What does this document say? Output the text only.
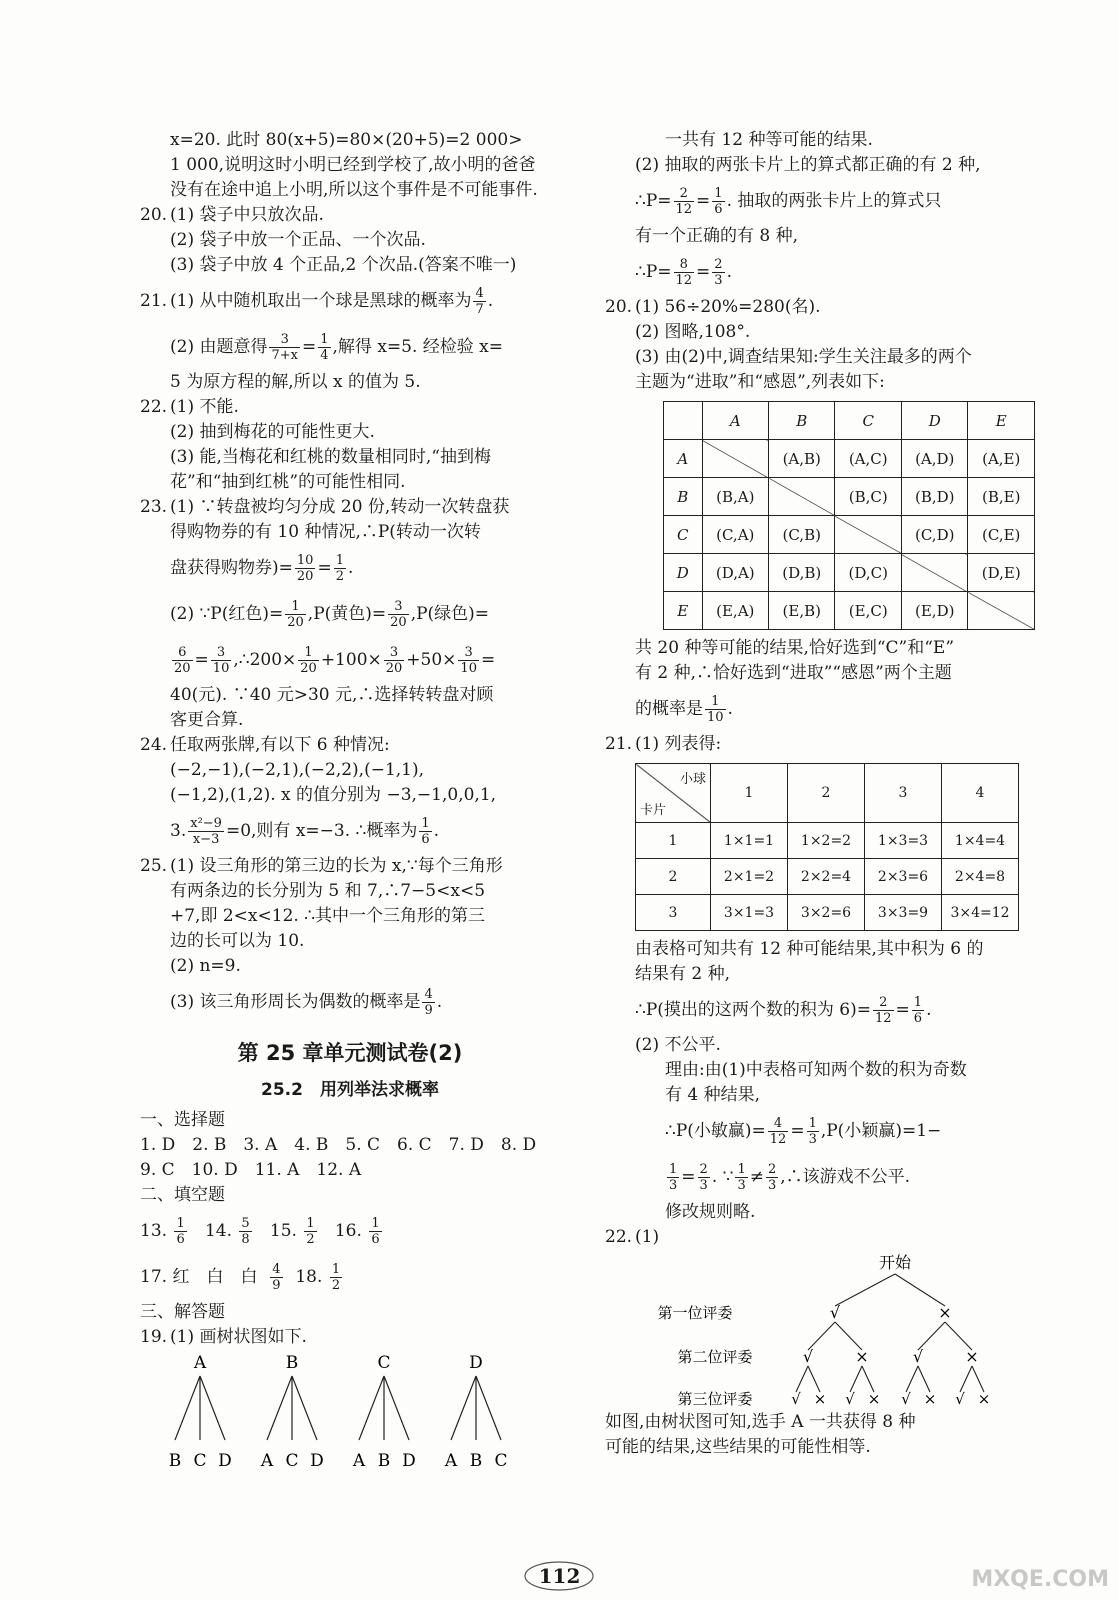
x=20. 此时 80(x+5)=80×(20+5)=2 000>
1 000,说明这时小明已经到学校了,故小明的爸爸
没有在途中追上小明,所以这个事件是不可能事件.
20. (1) 袋子中只放次品.
(2) 袋子中放一个正品、一个次品.
(3) 袋子中放 4 个正品,2 个次品.(答案不唯一)
21. (1) 从中随机取出一个球是黑球的概率为 $\frac{4}{7}$ .
(2) 由题意得 $\frac{3}{7+x} = \frac{1}{4}$ ,解得 x=5. 经检验 x=
5 为原方程的解,所以 x 的值为 5.
22. (1) 不能.
(2) 抽到梅花的可能性更大.
(3) 能,当梅花和红桃的数量相同时,“抽到梅
花”和“抽到红桃”的可能性相同.
23. (1) ∵转盘被均匀分成 20 份,转动一次转盘获
得购物券的有 10 种情况,∴P(转动一次转
盘获得购物券)= $\frac{10}{20} = \frac{1}{2}$ .
(2) ∵P(红色)= $\frac{1}{20} ,P$(黄色)= $\frac{3}{20} ,P$(绿色)=
$\frac{6}{20} = \frac{3}{10}$ ,∴200× $\frac{1}{20} +100\times \frac{3}{20} +50\times \frac{3}{10}$ =
40(元). ∵40 元>30 元,∴选择转转盘对顾
客更合算.
24. 任取两张牌,有以下 6 种情况:
(−2,−1),(−2,1),(−2,2),(−1,1),
(−1,2),(1,2). x 的值分别为 −3,−1,0,0,1,
3. $\frac{\text{x²−9}}{x-3} =0$,则有 x=−3. ∴概率为 $\frac{1}{6}$ .
25. (1) 设三角形的第三边的长为 x,∵每个三角形
有两条边的长分别为 5 和 7,∴7−5<x<5
+7,即 2<x<12. ∴其中一个三角形的第三
边的长可以为 10.
(2) n=9.
(3) 该三角形周长为偶数的概率是 $\frac{4}{9}$ .
第 25 章单元测试卷(2)
25.2　用列举法求概率
一、选择题
1. D　2. B　3. A　4. B　5. C　6. C　7. D　8. D
9. C　10. D　11. A　12. A
二、填空题
13. $\frac{1}{6} 14$. $\frac{5}{8} 15$. $\frac{1}{2} 16$. $\frac{1}{6}$
17. 红　白　白 $\frac{4}{9} 18$. $\frac{1}{2}$
三、解答题
19. (1) 画树状图如下.
A
B C D
B
A C D
C
A B D
D
A B C
一共有 12 种等可能的结果.
(2) 抽取的两张卡片上的算式都正确的有 2 种,
∴P= $\frac{2}{12} = \frac{1}{6}$ . 抽取的两张卡片上的算式只
有一个正确的有 8 种,
∴P= $\frac{8}{12} = \frac{2}{3}$ .
20. (1) 56÷20%=280(名).
(2) 图略,108°.
(3) 由(2)中,调查结果知:学生关注最多的两个
主题为“进取”和“感恩”,列表如下:
	A	B	C	D	E
A		(A,B)	(A,C)	(A,D)	(A,E)
B	(B,A)		(B,C)	(B,D)	(B,E)
C	(C,A)	(C,B)		(C,D)	(C,E)
D	(D,A)	(D,B)	(D,C)		(D,E)
E	(E,A)	(E,B)	(E,C)	(E,D)	
共 20 种等可能的结果,恰好选到“C”和“E”
有 2 种,∴恰好选到“进取”“感恩”两个主题
的概率是 $\frac{1}{10}$ .
21. (1) 列表得:
小球
卡片	1	2	3	4
1	1×1=1	1×2=2	1×3=3	1×4=4
2	2×1=2	2×2=4	2×3=6	2×4=8
3	3×1=3	3×2=6	3×3=9	3×4=12
由表格可知共有 12 种可能结果,其中积为 6 的
结果有 2 种,
∴P(摸出的这两个数的积为 $6)= \frac{2}{12} = \frac{1}{6}$ .
(2) 不公平.
理由:由(1)中表格可知两个数的积为奇数
有 4 种结果,
∴P(小敏赢)= $\frac{4}{12} = \frac{1}{3} ,P$(小颖赢)=1−
$\frac{1}{3} = \frac{2}{3}$ . ∵ $\frac{1}{3} \ne \frac{2}{3}$ ,∴该游戏不公平.
修改规则略.
22. (1)
开始
第一位评委
第二位评委
第三位评委
√	×
√	×	√	×
√ × √ × √ × √ ×
如图,由树状图可知,选手 A 一共获得 8 种
可能的结果,这些结果的可能性相等.
112	MXQE.COM
